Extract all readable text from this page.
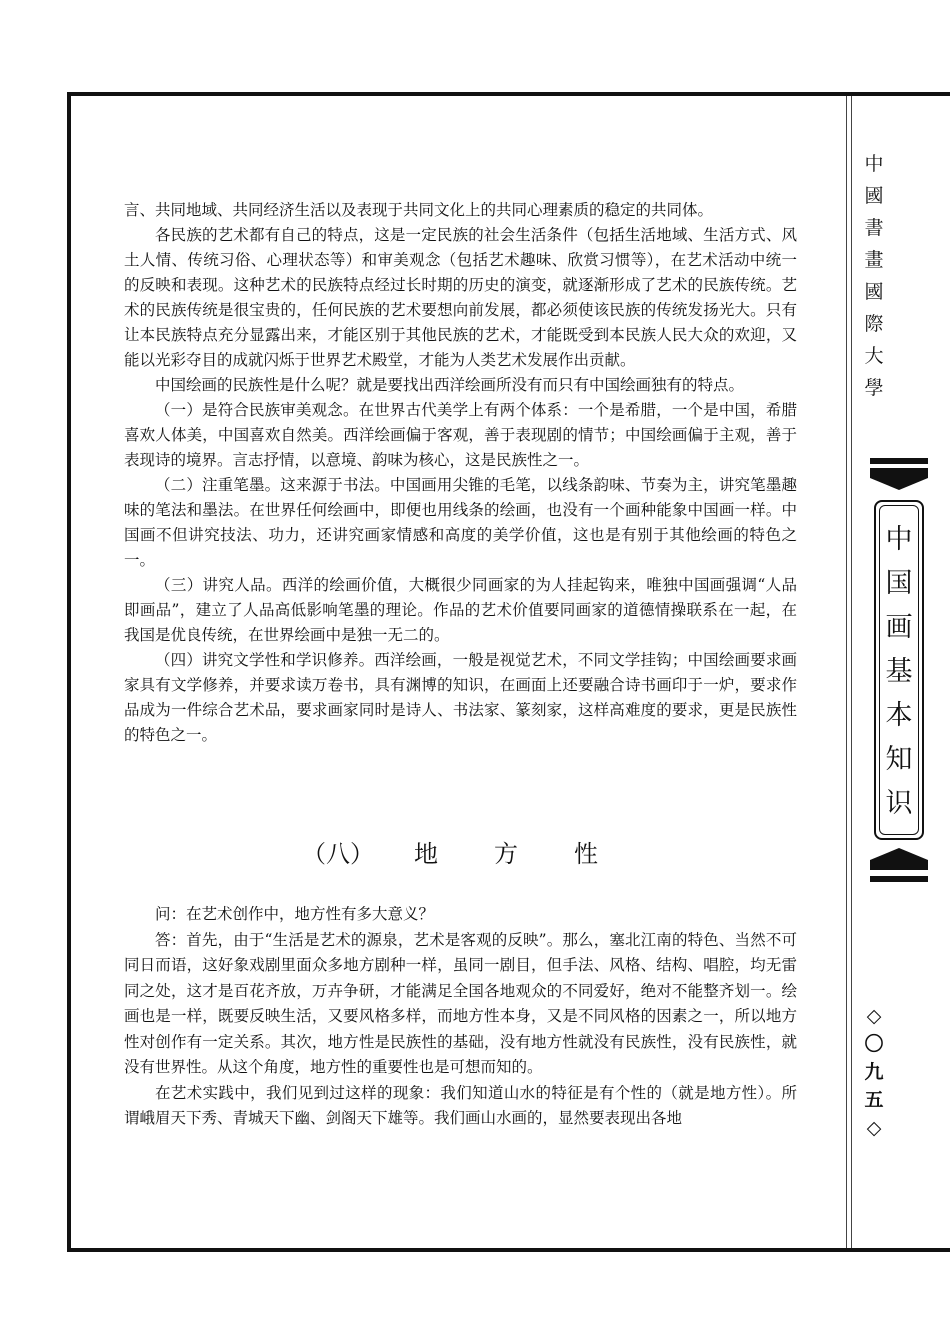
言、共同地域、共同经济生活以及表现于共同文化上的共同心理素质的稳定的共同体。

各民族的艺术都有自己的特点，这是一定民族的社会生活条件（包括生活地域、生活方式、风土人情、传统习俗、心理状态等）和审美观念（包括艺术趣味、欣赏习惯等），在艺术活动中统一的反映和表现。这种艺术的民族特点经过长时期的历史的演变，就逐渐形成了艺术的民族传统。艺术的民族传统是很宝贵的，任何民族的艺术要想向前发展，都必须使该民族的传统发扬光大。只有让本民族特点充分显露出来，才能区别于其他民族的艺术，才能既受到本民族人民大众的欢迎，又能以光彩夺目的成就闪烁于世界艺术殿堂，才能为人类艺术发展作出贡献。

中国绘画的民族性是什么呢？就是要找出西洋绘画所没有而只有中国绘画独有的特点。

（一）是符合民族审美观念。在世界古代美学上有两个体系：一个是希腊，一个是中国，希腊喜欢人体美，中国喜欢自然美。西洋绘画偏于客观，善于表现剧的情节；中国绘画偏于主观，善于表现诗的境界。言志抒情，以意境、韵味为核心，这是民族性之一。

（二）注重笔墨。这来源于书法。中国画用尖锥的毛笔，以线条韵味、节奏为主，讲究笔墨趣味的笔法和墨法。在世界任何绘画中，即便也用线条的绘画，也没有一个画种能象中国画一样。中国画不但讲究技法、功力，还讲究画家情感和高度的美学价值，这也是有别于其他绘画的特色之一。

（三）讲究人品。西洋的绘画价值，大概很少同画家的为人挂起钩来，唯独中国画强调“人品即画品”，建立了人品高低影响笔墨的理论。作品的艺术价值要同画家的道德情操联系在一起，在我国是优良传统，在世界绘画中是独一无二的。

（四）讲究文学性和学识修养。西洋绘画，一般是视觉艺术，不同文学挂钩；中国绘画要求画家具有文学修养，并要求读万卷书，具有渊博的知识，在画面上还要融合诗书画印于一炉，要求作品成为一件综合艺术品，要求画家同时是诗人、书法家、篆刻家，这样高难度的要求，更是民族性的特色之一。

（八） 地 方 性

问：在艺术创作中，地方性有多大意义？

答：首先，由于“生活是艺术的源泉，艺术是客观的反映”。那么，塞北江南的特色、当然不可同日而语，这好象戏剧里面众多地方剧种一样，虽同一剧目，但手法、风格、结构、唱腔，均无雷同之处，这才是百花齐放，万卉争研，才能满足全国各地观众的不同爱好，绝对不能整齐划一。绘画也是一样，既要反映生活，又要风格多样，而地方性本身，又是不同风格的因素之一，所以地方性对创作有一定关系。其次，地方性是民族性的基础，没有地方性就没有民族性，没有民族性，就没有世界性。从这个角度，地方性的重要性也是可想而知的。

在艺术实践中，我们见到过这样的现象：我们知道山水的特征是有个性的（就是地方性）。所谓峨眉天下秀、青城天下幽、剑阁天下雄等。我们画山水画的，显然要表现出各地

中國書畫國際大學
中国画基本知识
◇〇九五◇
